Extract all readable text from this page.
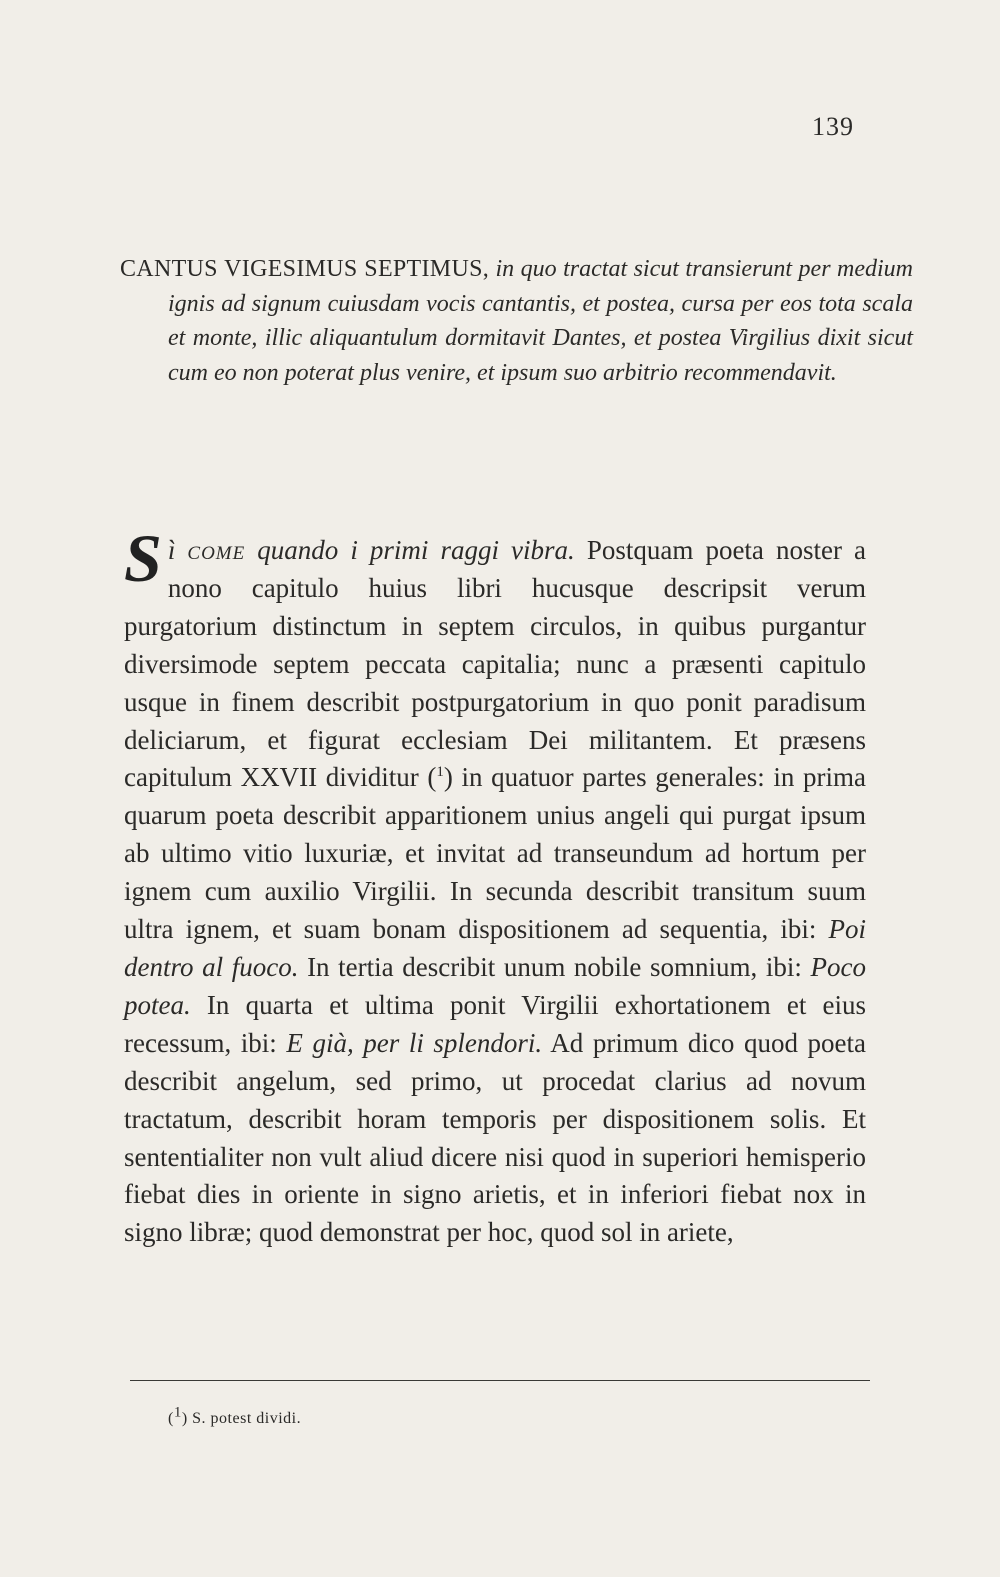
139
CANTUS VIGESIMUS SEPTIMUS, in quo tractat sicut transierunt per medium ignis ad signum cuiusdam vocis cantantis, et postea, cursa per eos tota scala et monte, illic aliquantulum dormitavit Dantes, et postea Virgilius dixit sicut cum eo non poterat plus venire, et ipsum suo arbitrio recommendavit.
Sì come quando i primi raggi vibra. Postquam poeta noster a nono capitulo huius libri hucusque descripsit verum purgatorium distinctum in septem circulos, in quibus purgantur diversimode septem peccata capitalia; nunc a præsenti capitulo usque in finem describit postpurgatorium in quo ponit paradisum deliciarum, et figurat ecclesiam Dei militantem. Et præsens capitulum XXVII dividitur ($^1$) in quatuor partes generales: in prima quarum poeta describit apparitionem unius angeli qui purgat ipsum ab ultimo vitio luxuriæ, et invitat ad transeundum ad hortum per ignem cum auxilio Virgilii. In secunda describit transitum suum ultra ignem, et suam bonam dispositionem ad sequentia, ibi: Poi dentro al fuoco. In tertia describit unum nobile somnium, ibi: Poco potea. In quarta et ultima ponit Virgilii exhortationem et eius recessum, ibi: E già, per li splendori. Ad primum dico quod poeta describit angelum, sed primo, ut procedat clarius ad novum tractatum, describit horam temporis per dispositionem solis. Et sententialiter non vult aliud dicere nisi quod in superiori hemisperio fiebat dies in oriente in signo arietis, et in inferiori fiebat nox in signo libræ; quod demonstrat per hoc, quod sol in ariete,
($^1$) S. potest dividi.
